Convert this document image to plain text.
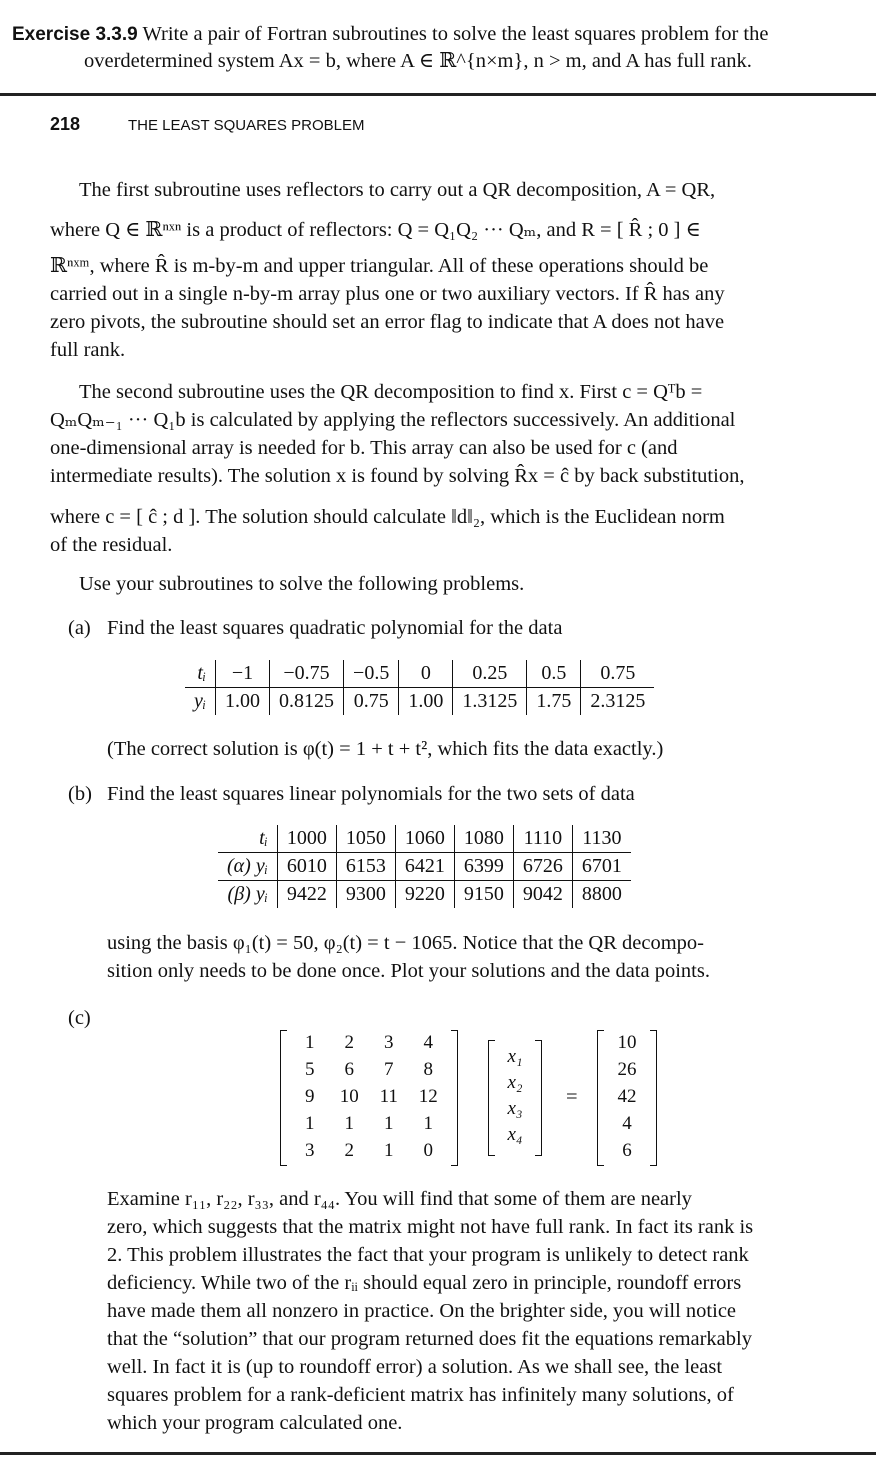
Exercise 3.3.9 Write a pair of Fortran subroutines to solve the least squares problem for the
overdetermined system Ax = b, where A ∈ ℝ^{n×m}, n > m, and A has full rank.
218	THE LEAST SQUARES PROBLEM
The first subroutine uses reflectors to carry out a QR decomposition, A = QR,
where Q ∈ ℝⁿˣⁿ is a product of reflectors: Q = Q₁Q₂ ··· Qₘ, and R = [ R̂ ; 0 ] ∈
ℝⁿˣᵐ, where R̂ is m-by-m and upper triangular. All of these operations should be
carried out in a single n-by-m array plus one or two auxiliary vectors. If R̂ has any
zero pivots, the subroutine should set an error flag to indicate that A does not have
full rank.
The second subroutine uses the QR decomposition to find x. First c = Qᵀb =
QₘQₘ₋₁ ··· Q₁b is calculated by applying the reflectors successively. An additional
one-dimensional array is needed for b. This array can also be used for c (and
intermediate results). The solution x is found by solving R̂x = ĉ by back substitution,
where c = [ ĉ ; d ]. The solution should calculate ‖d‖₂, which is the Euclidean norm
of the residual.
Use your subroutines to solve the following problems.
(a) Find the least squares quadratic polynomial for the data
tᵢ	−1	−0.75	−0.5	0	0.25	0.5	0.75
yᵢ	1.00	0.8125	0.75	1.00	1.3125	1.75	2.3125
(The correct solution is φ(t) = 1 + t + t², which fits the data exactly.)
(b) Find the least squares linear polynomials for the two sets of data
tᵢ	1000	1050	1060	1080	1110	1130
(α) yᵢ	6010	6153	6421	6399	6726	6701
(β) yᵢ	9422	9300	9220	9150	9042	8800
using the basis φ₁(t) = 50, φ₂(t) = t − 1065. Notice that the QR decompo-
sition only needs to be done once. Plot your solutions and the data points.
(c)
1	2	3	4
5	6	7	8
9	10	11	12
1	1	1	1
3	2	1	0
x₁
x₂
x₃
x₄
=
10
26
42
4
6
Examine r₁₁, r₂₂, r₃₃, and r₄₄. You will find that some of them are nearly
zero, which suggests that the matrix might not have full rank. In fact its rank is
2. This problem illustrates the fact that your program is unlikely to detect rank
deficiency. While two of the rᵢᵢ should equal zero in principle, roundoff errors
have made them all nonzero in practice. On the brighter side, you will notice
that the “solution” that our program returned does fit the equations remarkably
well. In fact it is (up to roundoff error) a solution. As we shall see, the least
squares problem for a rank-deficient matrix has infinitely many solutions, of
which your program calculated one.
